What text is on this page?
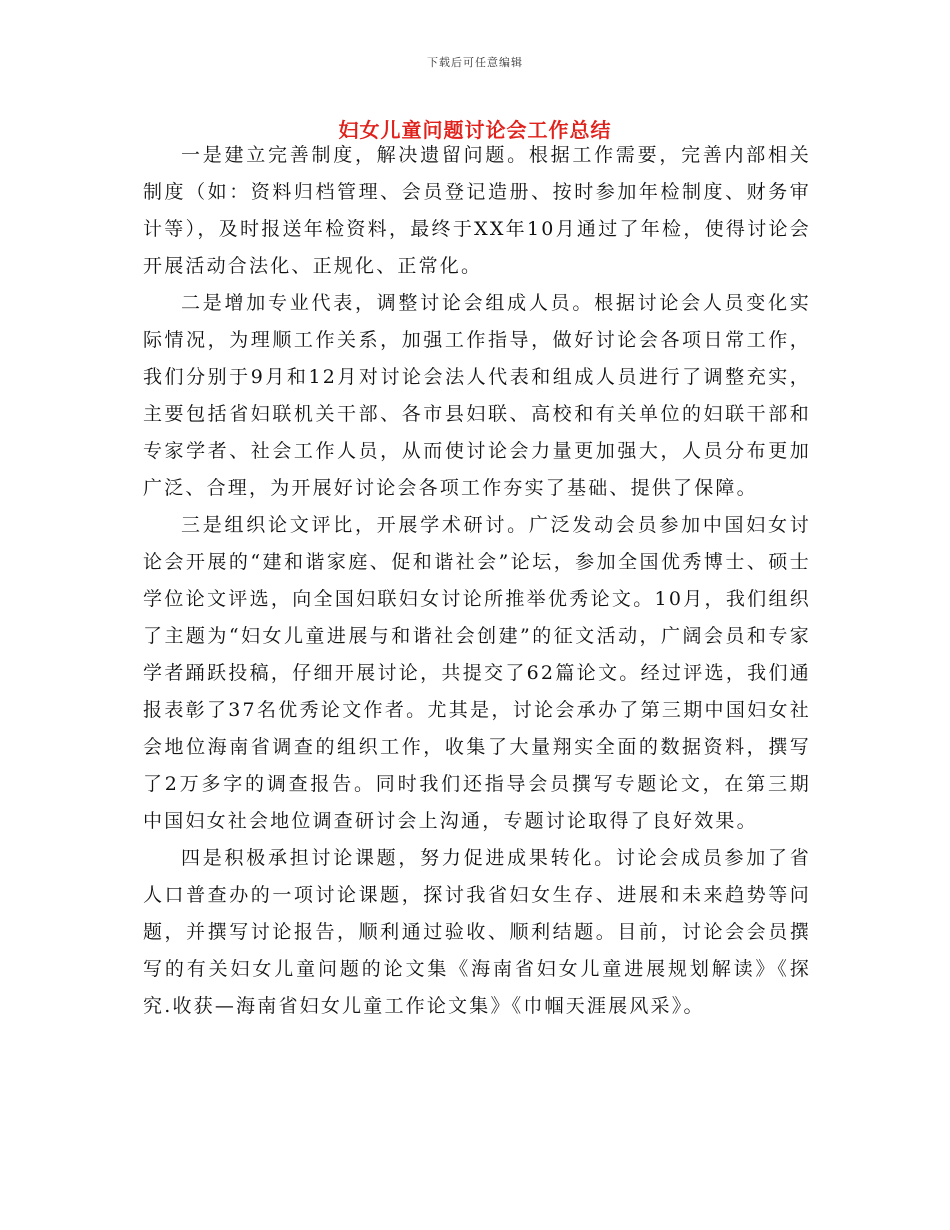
下载后可任意编辑
妇女儿童问题讨论会工作总结

一是建立完善制度，解决遗留问题。根据工作需要，完善内部相关制度（如：资料归档管理、会员登记造册、按时参加年检制度、财务审计等），及时报送年检资料，最终于XX年10月通过了年检，使得讨论会开展活动合法化、正规化、正常化。

二是增加专业代表，调整讨论会组成人员。根据讨论会人员变化实际情况，为理顺工作关系，加强工作指导，做好讨论会各项日常工作，我们分别于9月和12月对讨论会法人代表和组成人员进行了调整充实，主要包括省妇联机关干部、各市县妇联、高校和有关单位的妇联干部和专家学者、社会工作人员，从而使讨论会力量更加强大，人员分布更加广泛、合理，为开展好讨论会各项工作夯实了基础、提供了保障。

三是组织论文评比，开展学术研讨。广泛发动会员参加中国妇女讨论会开展的“建和谐家庭、促和谐社会”论坛，参加全国优秀博士、硕士学位论文评选，向全国妇联妇女讨论所推举优秀论文。10月，我们组织了主题为“妇女儿童进展与和谐社会创建”的征文活动，广阔会员和专家学者踊跃投稿，仔细开展讨论，共提交了62篇论文。经过评选，我们通报表彰了37名优秀论文作者。尤其是，讨论会承办了第三期中国妇女社会地位海南省调查的组织工作，收集了大量翔实全面的数据资料，撰写了2万多字的调查报告。同时我们还指导会员撰写专题论文，在第三期中国妇女社会地位调查研讨会上沟通，专题讨论取得了良好效果。

四是积极承担讨论课题，努力促进成果转化。讨论会成员参加了省人口普查办的一项讨论课题，探讨我省妇女生存、进展和未来趋势等问题，并撰写讨论报告，顺利通过验收、顺利结题。目前，讨论会会员撰写的有关妇女儿童问题的论文集《海南省妇女儿童进展规划解读》《探究.收获—海南省妇女儿童工作论文集》《巾帼天涯展风采》。
